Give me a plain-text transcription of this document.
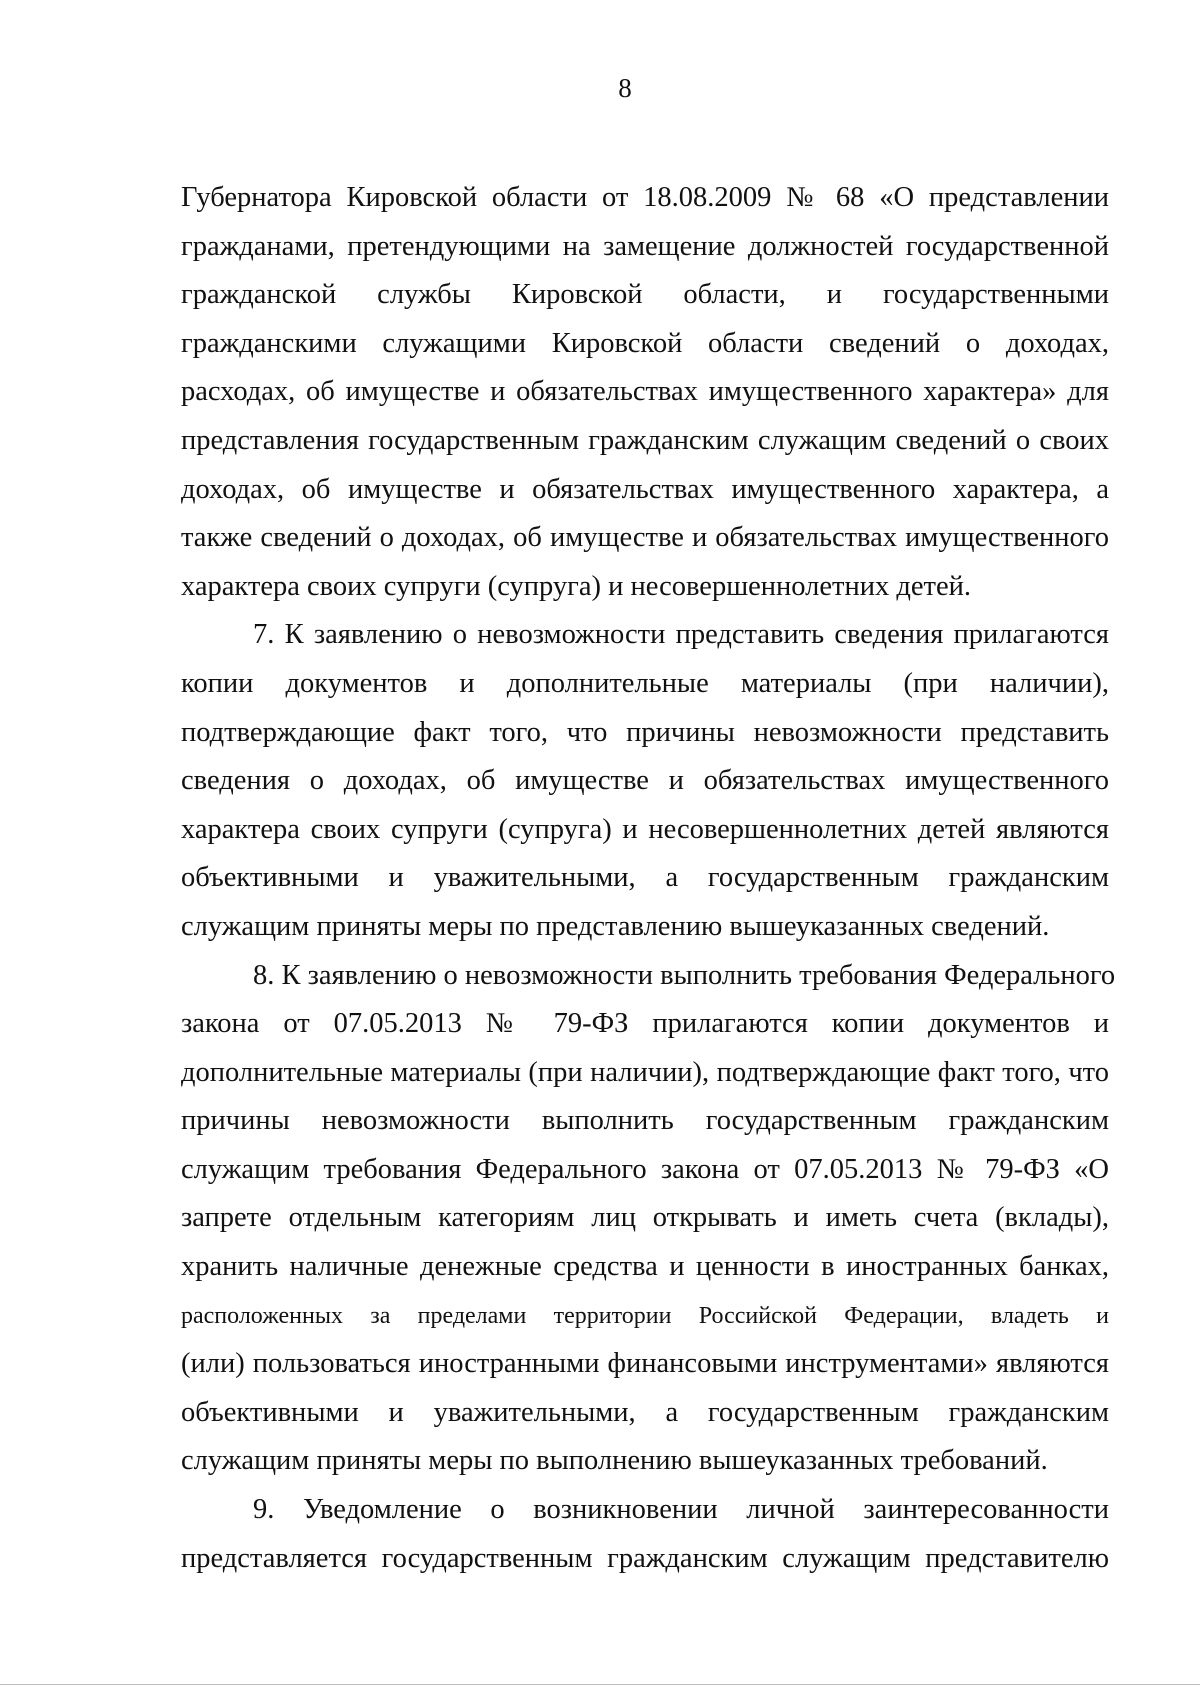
8

Губернатора Кировской области от 18.08.2009 № 68 «О представлении
гражданами, претендующими на замещение должностей государственной
гражданской службы Кировской области, и государственными
гражданскими служащими Кировской области сведений о доходах,
расходах, об имуществе и обязательствах имущественного характера» для
представления государственным гражданским служащим сведений о своих
доходах, об имуществе и обязательствах имущественного характера, а
также сведений о доходах, об имуществе и обязательствах имущественного
характера своих супруги (супруга) и несовершеннолетних детей.

7. К заявлению о невозможности представить сведения прилагаются
копии документов и дополнительные материалы (при наличии),
подтверждающие факт того, что причины невозможности представить
сведения о доходах, об имуществе и обязательствах имущественного
характера своих супруги (супруга) и несовершеннолетних детей являются
объективными и уважительными, а государственным гражданским
служащим приняты меры по представлению вышеуказанных сведений.

8. К заявлению о невозможности выполнить требования Федерального
закона от 07.05.2013 № 79-ФЗ прилагаются копии документов и
дополнительные материалы (при наличии), подтверждающие факт того, что
причины невозможности выполнить государственным гражданским
служащим требования Федерального закона от 07.05.2013 № 79-ФЗ «О
запрете отдельным категориям лиц открывать и иметь счета (вклады),
хранить наличные денежные средства и ценности в иностранных банках,
расположенных за пределами территории Российской Федерации, владеть и
(или) пользоваться иностранными финансовыми инструментами» являются
объективными и уважительными, а государственным гражданским
служащим приняты меры по выполнению вышеуказанных требований.

9. Уведомление о возникновении личной заинтересованности
представляется государственным гражданским служащим представителю
